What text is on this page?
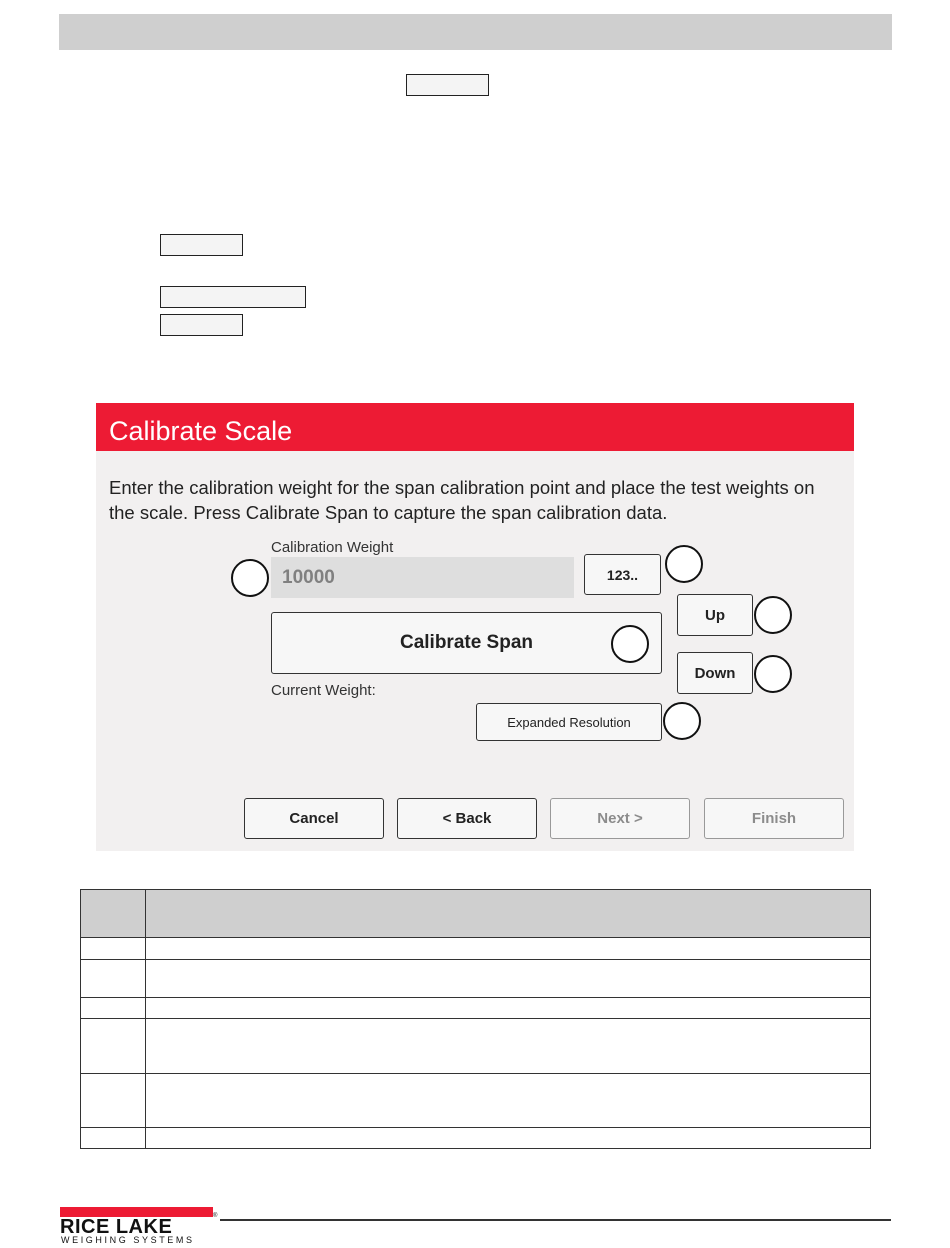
Calibrate Scale
Enter the calibration weight for the span calibration point and place the test weights on the scale. Press Calibrate Span to capture the span calibration data.
Calibration Weight
10000
123..
Up
Calibrate Span
Down
Current Weight:
Expanded Resolution
Cancel	< Back	Next >	Finish
RICE LAKE	®
WEIGHING SYSTEMS
